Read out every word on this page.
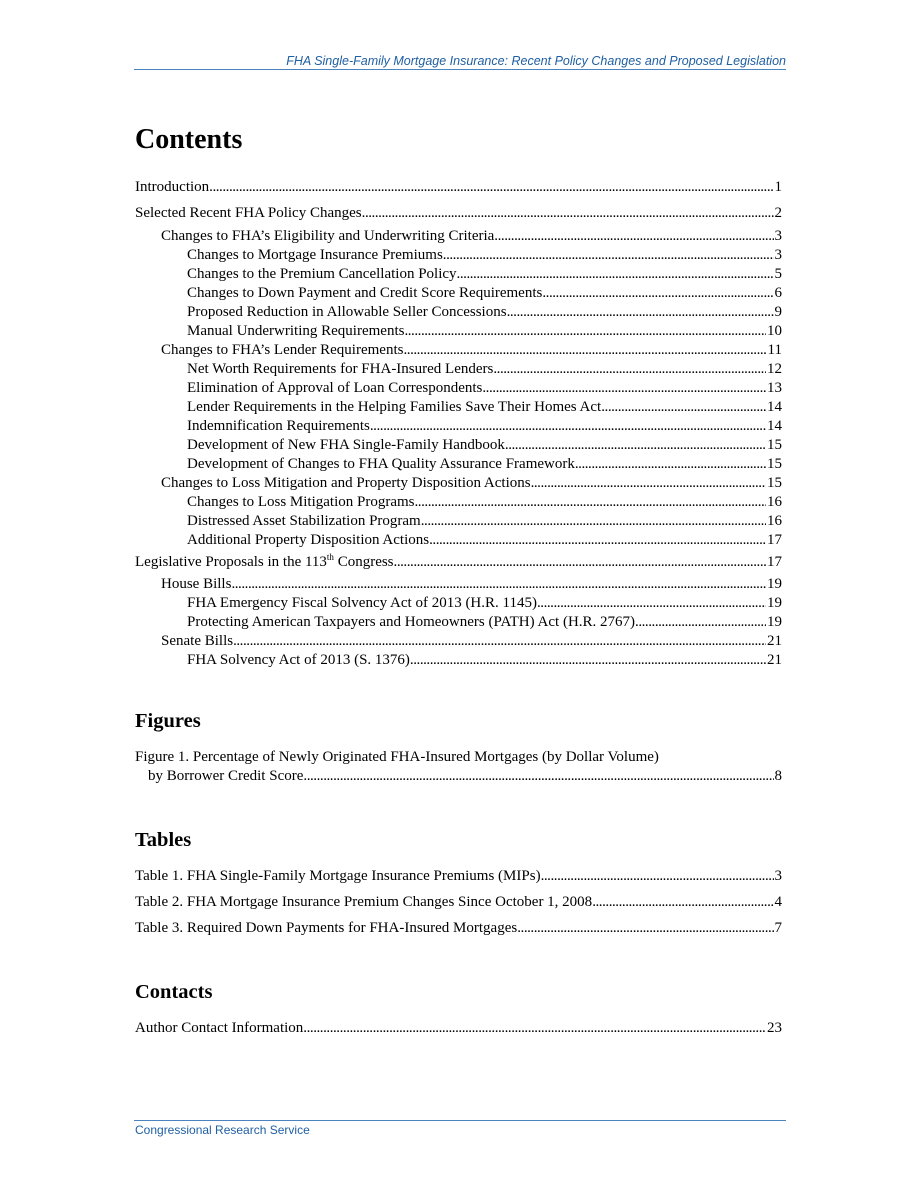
FHA Single-Family Mortgage Insurance: Recent Policy Changes and Proposed Legislation
Contents
Introduction . . .	1
Selected Recent FHA Policy Changes . . .	2
Changes to FHA’s Eligibility and Underwriting Criteria . . .	3
Changes to Mortgage Insurance Premiums . . .	3
Changes to the Premium Cancellation Policy . . .	5
Changes to Down Payment and Credit Score Requirements . . .	6
Proposed Reduction in Allowable Seller Concessions . . .	9
Manual Underwriting Requirements . . .	10
Changes to FHA’s Lender Requirements . . .	11
Net Worth Requirements for FHA-Insured Lenders . . .	12
Elimination of Approval of Loan Correspondents . . .	13
Lender Requirements in the Helping Families Save Their Homes Act . . .	14
Indemnification Requirements . . .	14
Development of New FHA Single-Family Handbook . . .	15
Development of Changes to FHA Quality Assurance Framework . . .	15
Changes to Loss Mitigation and Property Disposition Actions . . .	15
Changes to Loss Mitigation Programs . . .	16
Distressed Asset Stabilization Program . . .	16
Additional Property Disposition Actions . . .	17
Legislative Proposals in the 113th Congress . . .	17
House Bills . . .	19
FHA Emergency Fiscal Solvency Act of 2013 (H.R. 1145) . . .	19
Protecting American Taxpayers and Homeowners (PATH) Act (H.R. 2767) . . .	19
Senate Bills . . .	21
FHA Solvency Act of 2013 (S. 1376) . . .	21
Figures
Figure 1. Percentage of Newly Originated FHA-Insured Mortgages (by Dollar Volume)
by Borrower Credit Score . . .	8
Tables
Table 1. FHA Single-Family Mortgage Insurance Premiums (MIPs) . . .	3
Table 2. FHA Mortgage Insurance Premium Changes Since October 1, 2008 . . .	4
Table 3. Required Down Payments for FHA-Insured Mortgages . . .	7
Contacts
Author Contact Information . . .	23
Congressional Research Service
